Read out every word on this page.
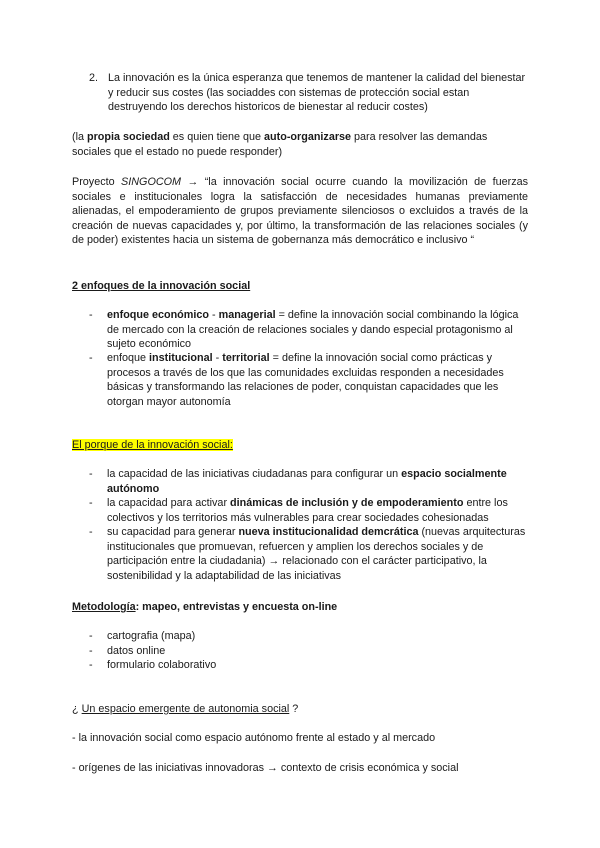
2. La innovación es la única esperanza que tenemos de mantener la calidad del bienestar y reducir sus costes (las sociaddes con sistemas de protección social estan destruyendo los derechos historicos de bienestar al reducir costes)
(la propia sociedad es quien tiene que auto-organizarse para resolver las demandas sociales que el estado no puede responder)
Proyecto SINGOCOM → “la innovación social ocurre cuando la movilización de fuerzas sociales e institucionales logra la satisfacción de necesidades humanas previamente alienadas, el empoderamiento de grupos previamente silenciosos o excluidos a través de la creación de nuevas capacidades y, por último, la transformación de las relaciones sociales (y de poder) existentes hacia un sistema de gobernanza más democrático e inclusivo “
2 enfoques de la innovación social
- enfoque económico - managerial = define la innovación social combinando la lógica de mercado con la creación de relaciones sociales y dando especial protagonismo al sujeto económico
- enfoque institucional - territorial = define la innovación social como prácticas y procesos a través de los que las comunidades excluidas responden a necesidades básicas y transformando las relaciones de poder, conquistan capacidades que les otorgan mayor autonomía
El porque de la innovación social:
- la capacidad de las iniciativas ciudadanas para configurar un espacio socialmente autónomo
- la capacidad para activar dinámicas de inclusión y de empoderamiento entre los colectivos y los territorios más vulnerables para crear sociedades cohesionadas
- su capacidad para generar nueva institucionalidad demcrática (nuevas arquitecturas institucionales que promuevan, refuercen y amplien los derechos sociales y de participación entre la ciudadania) → relacionado con el carácter participativo, la sostenibilidad y la adaptabilidad de las iniciativas
Metodología: mapeo, entrevistas y encuesta on-line
- cartografia (mapa)
- datos online
- formulario colaborativo
¿ Un espacio emergente de autonomia social ?
- la innovación social como espacio autónomo frente al estado y al mercado
- orígenes de las iniciativas innovadoras → contexto de crisis económica y social
